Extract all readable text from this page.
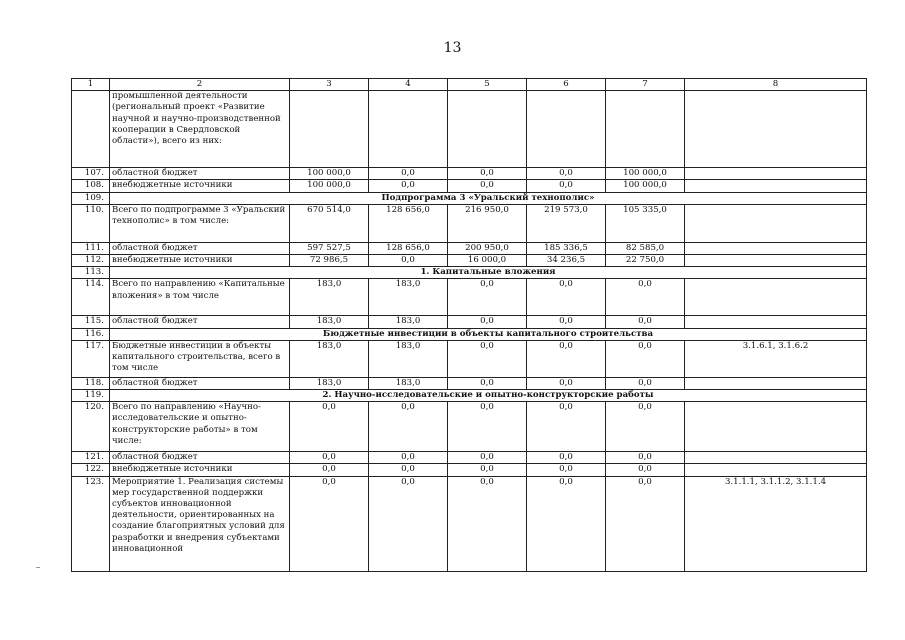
13
1	2	3	4	5	6	7	8
	промышленной деятельности (региональный проект «Развитие научной и научно-производственной кооперации в Свердловской области»), всего из них:						
107.	областной бюджет	100 000,0	0,0	0,0	0,0	100 000,0	
108.	внебюджетные источники	100 000,0	0,0	0,0	0,0	100 000,0	
109.	Подпрограмма 3 «Уральский технополис»						
110.	Всего по подпрограмме 3 «Уральский технополис» в том числе:	670 514,0	128 656,0	216 950,0	219 573,0	105 335,0	
111.	областной бюджет	597 527,5	128 656,0	200 950,0	185 336,5	82 585,0	
112.	внебюджетные источники	72 986,5	0,0	16 000,0	34 236,5	22 750,0	
113.	1. Капитальные вложения						
114.	Всего по направлению «Капитальные вложения» в том числе	183,0	183,0	0,0	0,0	0,0	
115.	областной бюджет	183,0	183,0	0,0	0,0	0,0	
116.	Бюджетные инвестиции в объекты капитального строительства						
117.	Бюджетные инвестиции в объекты капитального строительства, всего в том числе	183,0	183,0	0,0	0,0	0,0	3.1.6.1, 3.1.6.2
118.	областной бюджет	183,0	183,0	0,0	0,0	0,0	
119.	2. Научно-исследовательские и опытно-конструкторские работы						
120.	Всего по направлению «Научно- исследовательские и опытно- конструкторские работы» в том числе:	0,0	0,0	0,0	0,0	0,0	
121.	областной бюджет	0,0	0,0	0,0	0,0	0,0	
122.	внебюджетные источники	0,0	0,0	0,0	0,0	0,0	
123.	Мероприятие 1. Реализация системы мер государственной поддержки субъектов инновационной деятельности, ориентированных на создание благоприятных условий для разработки и внедрения субъектами инновационной	0,0	0,0	0,0	0,0	0,0	3.1.1.1, 3.1.1.2, 3.1.1.4
